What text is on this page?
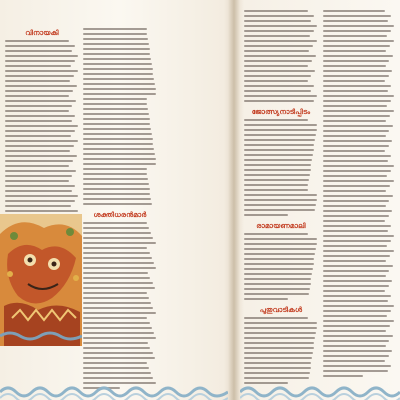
വിനായകി
ശക്തിധരൻമാർ
ജോത്സ്യനാടിപ്പിടം
രാമായണമാലി
പുതുവാടികൾ
